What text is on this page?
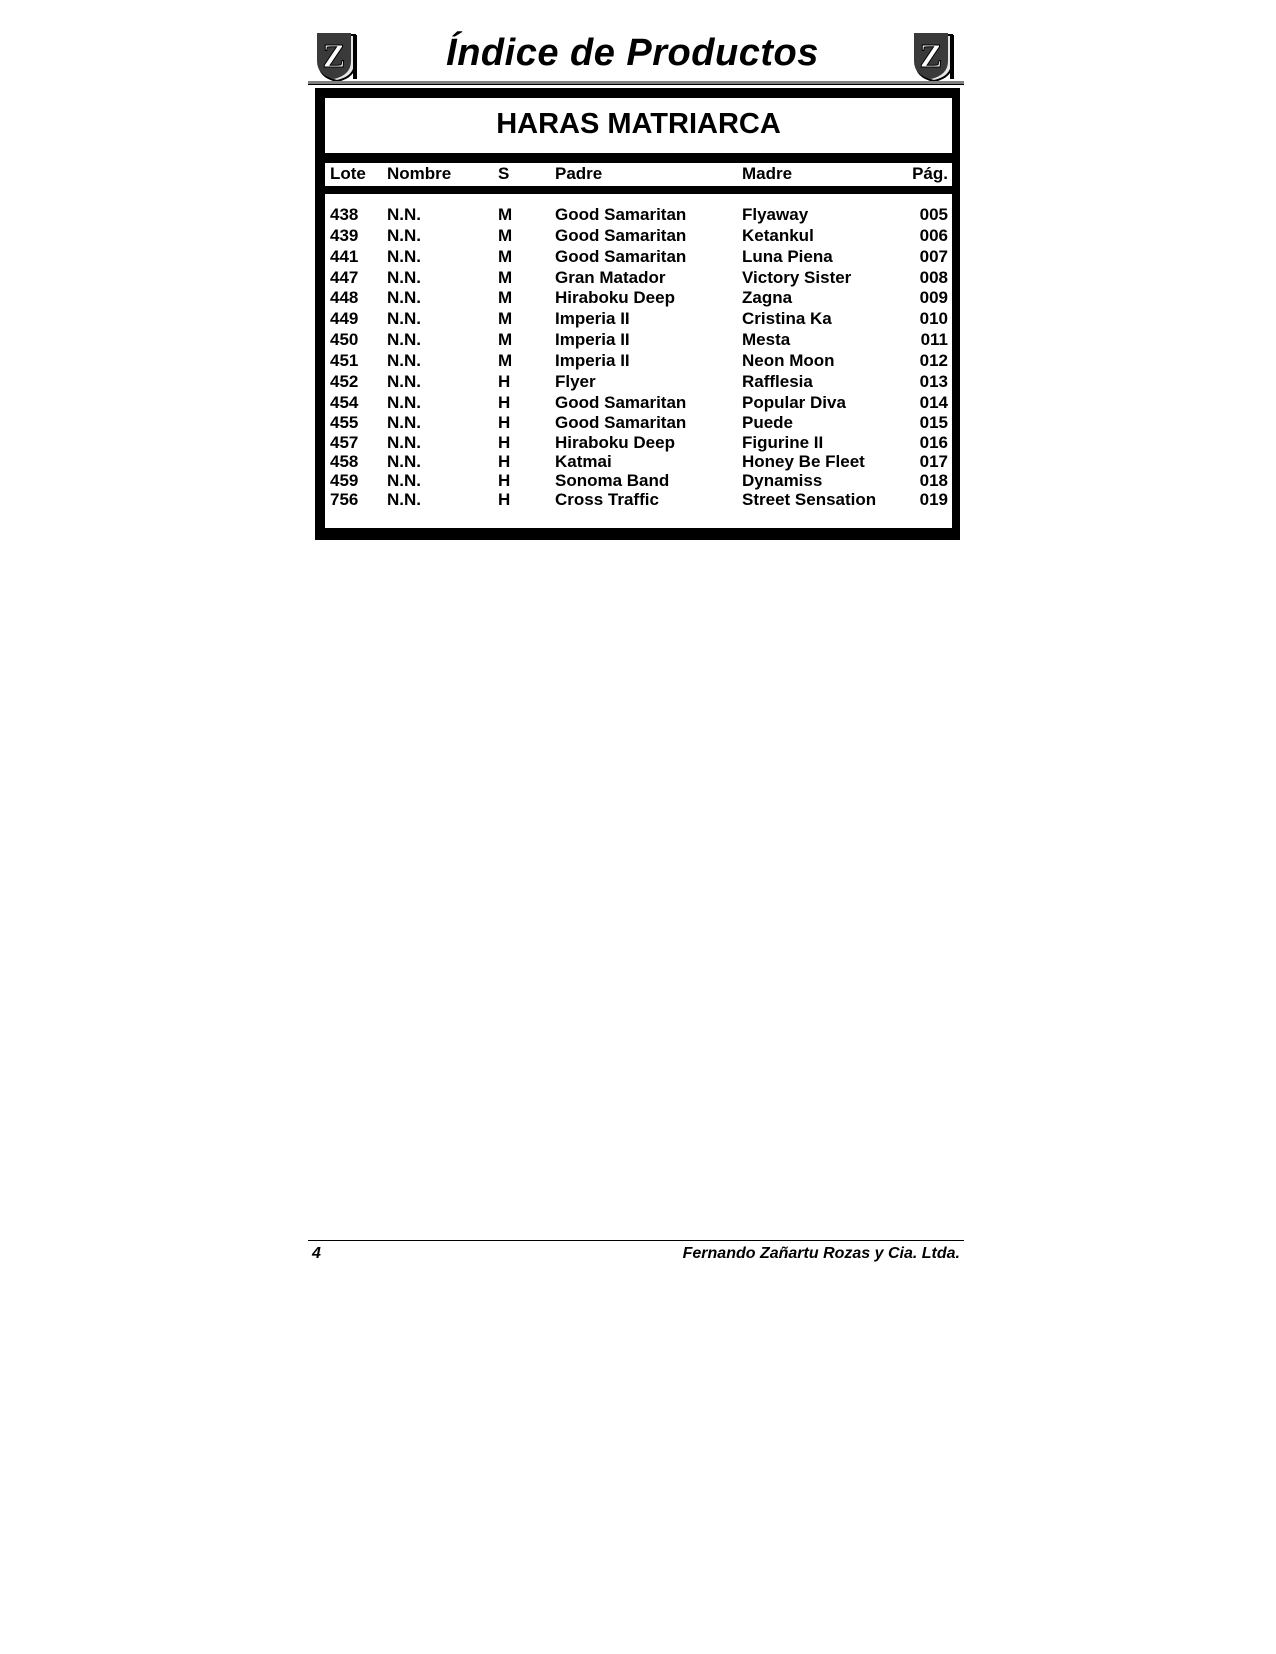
Z	Índice de Productos	Z
HARAS MATRIARCA
Lote Nombre	S	Padre	Madre	Pág.
438 N.N.	M	Good Samaritan	Flyaway	005
439 N.N.	M	Good Samaritan	Ketankul	006
441 N.N.	M	Good Samaritan	Luna Piena	007
447 N.N.	M	Gran Matador	Victory Sister	008
448 N.N.	M	Hiraboku Deep	Zagna	009
449 N.N.	M	Imperia II	Cristina Ka	010
450 N.N.	M	Imperia II	Mesta	011
451 N.N.	M	Imperia II	Neon Moon	012
452 N.N.	H	Flyer	Rafflesia	013
454 N.N.	H	Good Samaritan	Popular Diva	014
455 N.N.	H	Good Samaritan	Puede	015
457 N.N.	H	Hiraboku Deep	Figurine II	016
458 N.N.	H	Katmai	Honey Be Fleet	017
459 N.N.	H	Sonoma Band	Dynamiss	018
756 N.N.	H	Cross Traffic	Street Sensation	019
4	Fernando Zañartu Rozas y Cia. Ltda.
